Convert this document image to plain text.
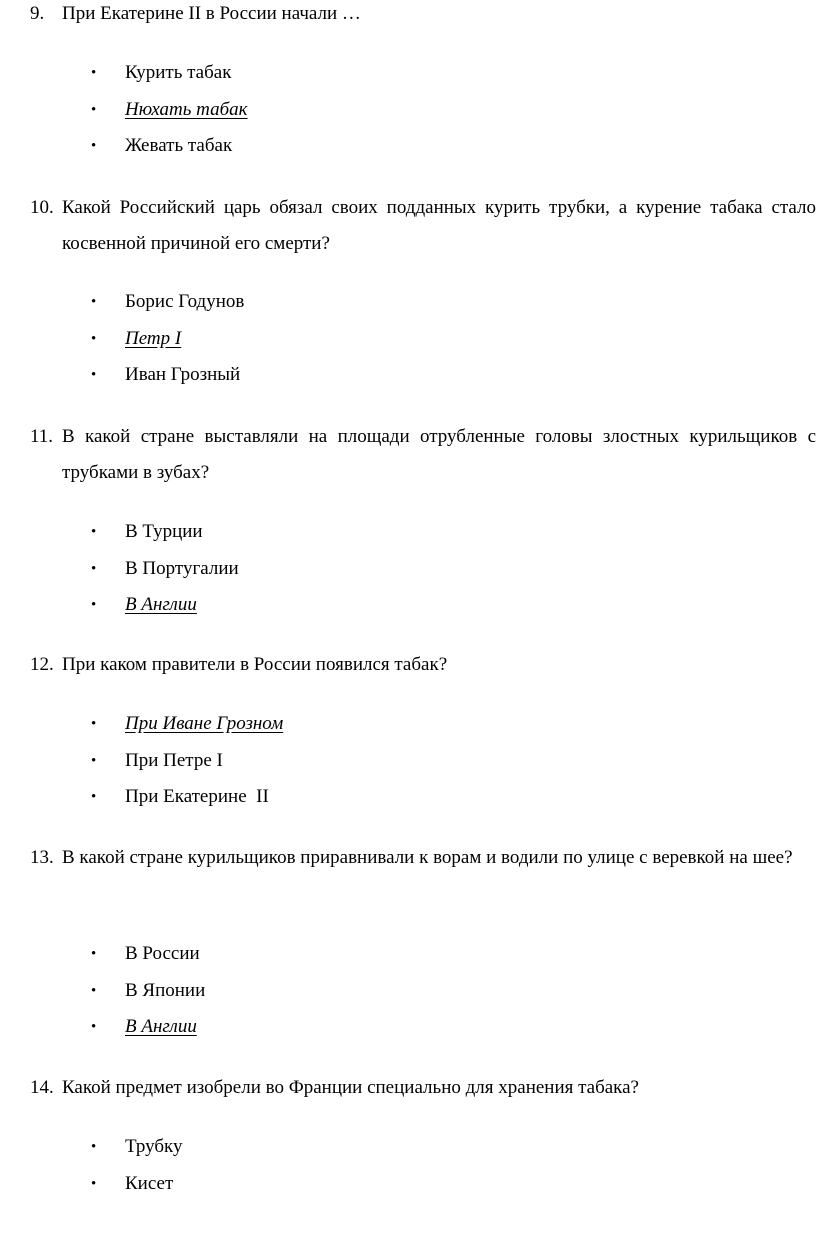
9. При Екатерине II в России начали …
• Курить табак
• Нюхать табак
• Жевать табак
10. Какой Российский царь обязал своих подданных курить трубки, а курение табака стало косвенной причиной его смерти?
• Борис Годунов
• Петр I
• Иван Грозный
11. В какой стране выставляли на площади отрубленные головы злостных курильщиков с трубками в зубах?
• В Турции
• В Португалии
• В Англии
12. При каком правители в России появился табак?
• При Иване Грозном
• При Петре I
• При Екатерине  II
13. В какой стране курильщиков приравнивали к ворам и водили по улице с веревкой на шее?
• В России
• В Японии
• В Англии
14. Какой предмет изобрели во Франции специально для хранения табака?
• Трубку
• Кисет
